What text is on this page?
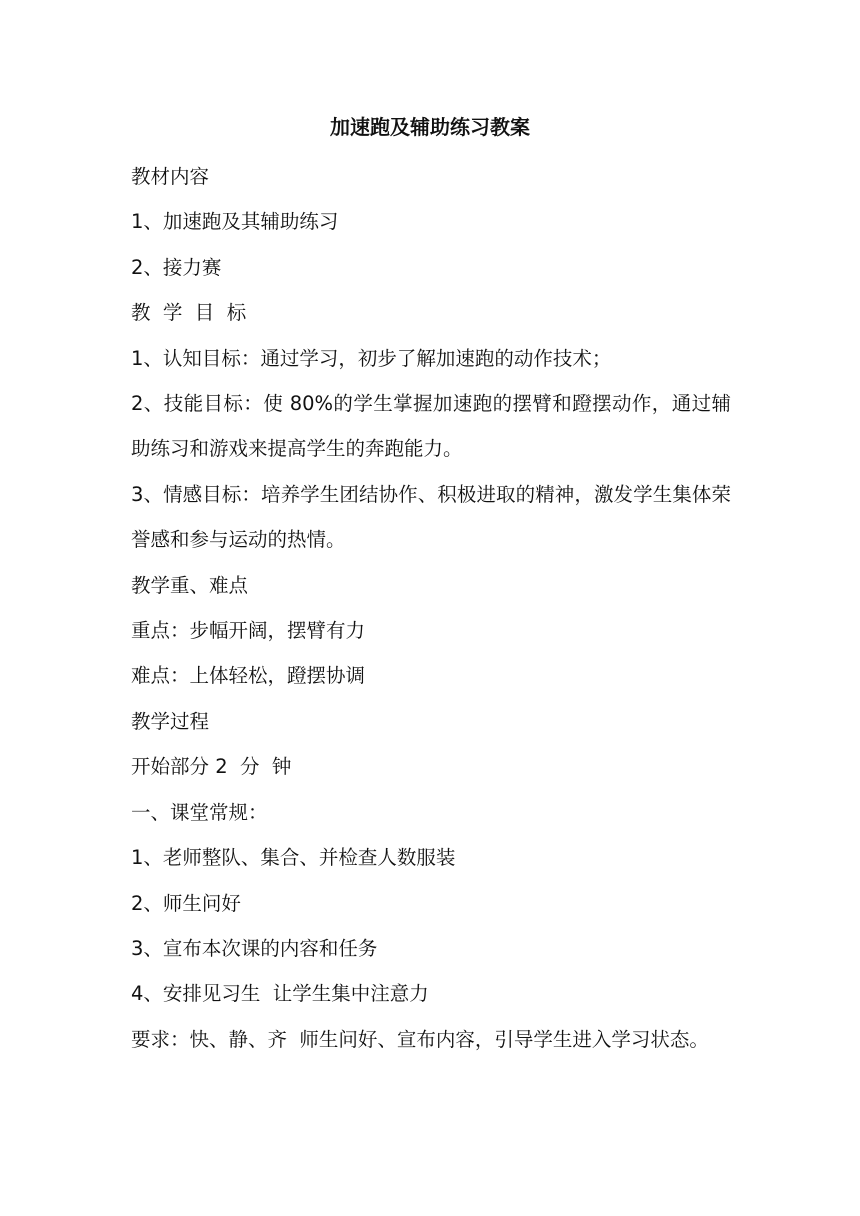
加速跑及辅助练习教案

教材内容

1、加速跑及其辅助练习

2、接力赛

教  学  目  标

1、认知目标：通过学习，初步了解加速跑的动作技术；

2、技能目标：使 80%的学生掌握加速跑的摆臂和蹬摆动作，通过辅助练习和游戏来提高学生的奔跑能力。

3、情感目标：培养学生团结协作、积极进取的精神，激发学生集体荣誉感和参与运动的热情。

教学重、难点

重点：步幅开阔，摆臂有力

难点：上体轻松，蹬摆协调

教学过程

开始部分 2  分  钟

一、课堂常规：

1、老师整队、集合、并检查人数服装

2、师生问好

3、宣布本次课的内容和任务

4、安排见习生  让学生集中注意力

要求：快、静、齐  师生问好、宣布内容，引导学生进入学习状态。
